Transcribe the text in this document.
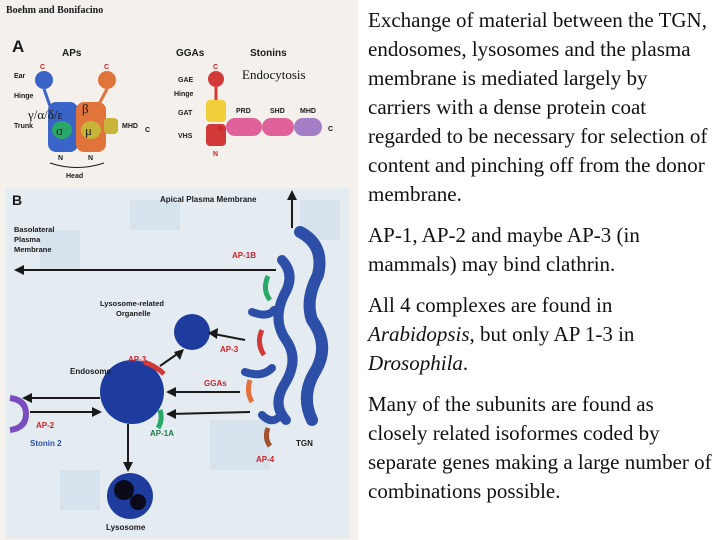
Boehm and Bonifacino
A	APs	GGAs	Stonins
C	C
Ear
Hinge
Trunk
γ/α/δ/ε β
σ μ	MHD
C
N	N
Head
C
GAE
Hinge
GAT
VHS
N
N	C
PRD	SHD MHD
B	Apical Plasma Membrane
Basolateral
Plasma
Membrane
TGN
AP-1B
AP-3
GGAs
AP-4
Lysosome-related
Organelle
Endosome
AP-3
AP-1A
AP-2
Stonin 2
Lysosome
Endocytosis

Exchange of material between the TGN, endosomes, lysosomes and the plasma membrane is mediated largely by carriers with a dense protein coat regarded to be necessary for selection of content and pinching off from the donor membrane.

AP-1, AP-2 and maybe AP-3 (in mammals) may bind clathrin.

All 4 complexes are found in Arabidopsis, but only AP 1-3 in Drosophila.

Many of the subunits are found as closely related isoformes coded by separate genes making a large number of combinations possible.
